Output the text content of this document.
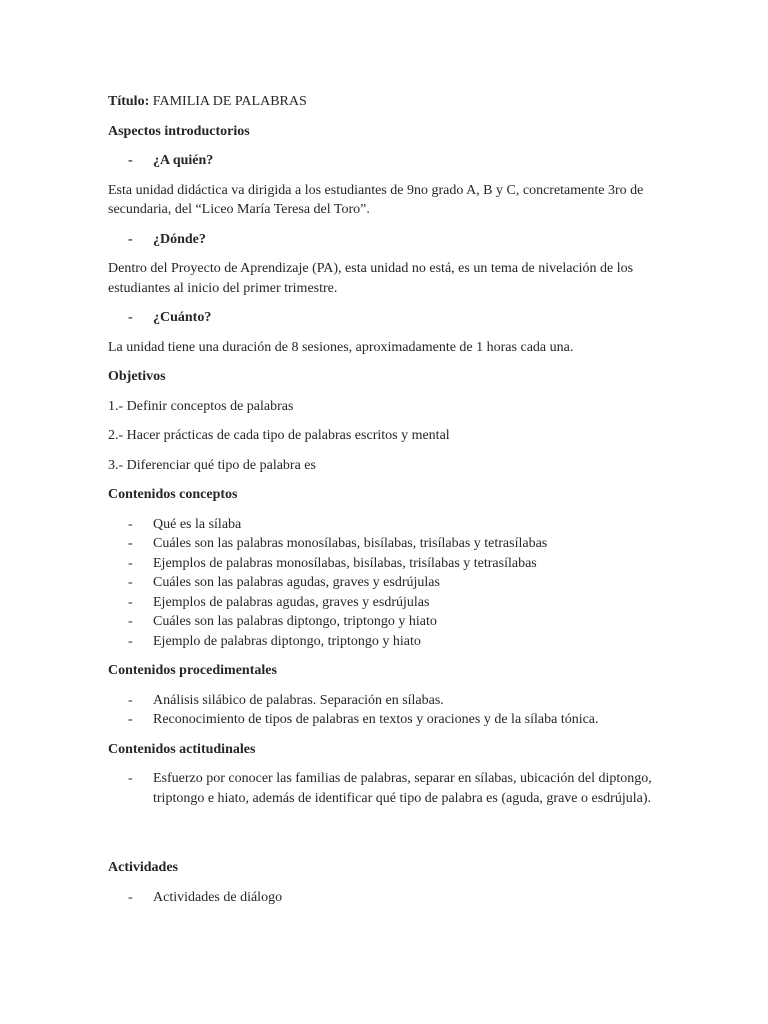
Título: FAMILIA DE PALABRAS

Aspectos introductorios

- ¿A quién?

Esta unidad didáctica va dirigida a los estudiantes de 9no grado A, B y C, concretamente 3ro de secundaria, del “Liceo María Teresa del Toro”.

- ¿Dónde?

Dentro del Proyecto de Aprendizaje (PA), esta unidad no está, es un tema de nivelación de los estudiantes al inicio del primer trimestre.

- ¿Cuánto?

La unidad tiene una duración de 8 sesiones, aproximadamente de 1 horas cada una.

Objetivos

1.- Definir conceptos de palabras

2.- Hacer prácticas de cada tipo de palabras escritos y mental

3.- Diferenciar qué tipo de palabra es

Contenidos conceptos

- Qué es la sílaba
- Cuáles son las palabras monosílabas, bisílabas, trisílabas y tetrasílabas
- Ejemplos de palabras monosílabas, bisílabas, trisílabas y tetrasílabas
- Cuáles son las palabras agudas, graves y esdrújulas
- Ejemplos de palabras agudas, graves y esdrújulas
- Cuáles son las palabras diptongo, triptongo y hiato
- Ejemplo de palabras diptongo, triptongo y hiato

Contenidos procedimentales

- Análisis silábico de palabras. Separación en sílabas.
- Reconocimiento de tipos de palabras en textos y oraciones y de la sílaba tónica.

Contenidos actitudinales

- Esfuerzo por conocer las familias de palabras, separar en sílabas, ubicación del diptongo, triptongo e hiato, además de identificar qué tipo de palabra es (aguda, grave o esdrújula).

Actividades

- Actividades de diálogo
